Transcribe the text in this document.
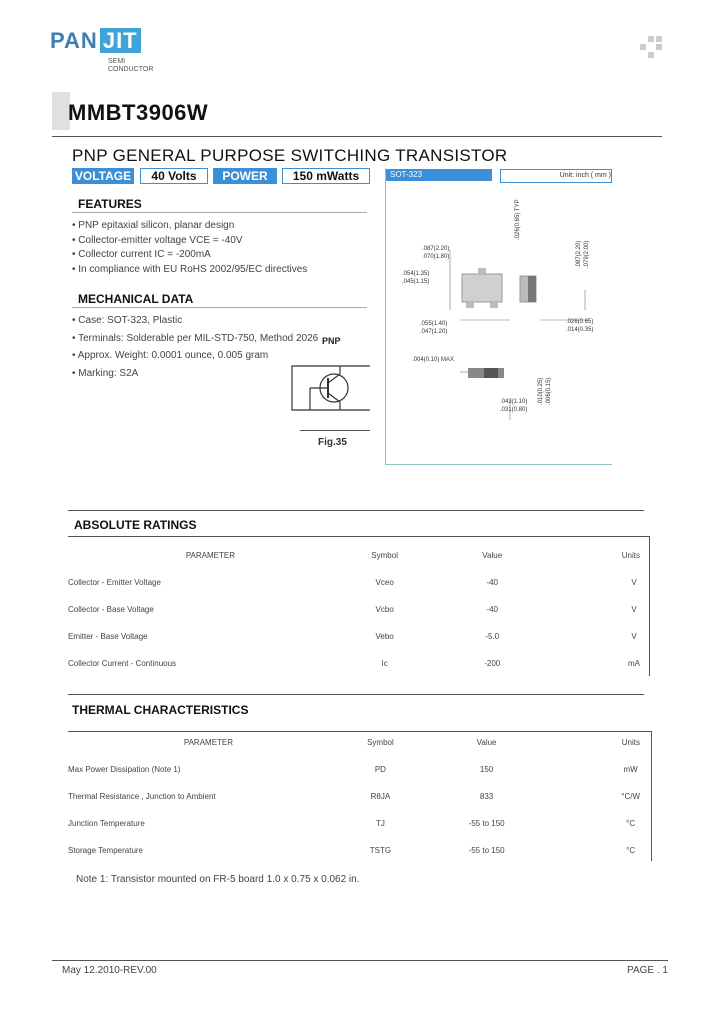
PAN JIT
SEMI
CONDUCTOR
MMBT3906W
PNP GENERAL PURPOSE SWITCHING TRANSISTOR
VOLTAGE	40 Volts	POWER	150 mWatts
FEATURES
• PNP epitaxial silicon, planar design
• Collector-emitter voltage VCE = -40V
• Collector current IC = -200mA
• In compliance with EU RoHS 2002/95/EC directives
MECHANICAL DATA
• Case: SOT-323, Plastic
• Terminals: Solderable per MIL-STD-750, Method 2026
• Approx. Weight: 0.0001 ounce, 0.005 gram
• Marking: S2A
PNP
Fig.35
SOT-323	Unit: inch ( mm )
.087(2.20)
.070(1.80)
.054(1.35)
.045(1.15)
.055(1.40)
.047(1.20)
.026(0.65)
.014(0.35)
.004(0.10) MAX
.043(1.10)
.031(0.80)
.026(0.65) TYP
.087(2.20) .079(2.00)
.010(0.25) .006(0.15)
ABSOLUTE RATINGS
PARAMETER	Symbol	Value	Units
Collector - Emitter Voltage	Vceo	-40	V
Collector - Base Voltage	Vcbo	-40	V
Emitter - Base Voltage	Vebo	-5.0	V
Collector Current - Continuous	Ic	-200	mA
THERMAL CHARACTERISTICS
PARAMETER	Symbol	Value	Units
Max Power Dissipation (Note 1)	PD	150	mW
Thermal Resistance , Junction to Ambient	RθJA	833	°C/W
Junction Temperature	TJ	-55 to 150	°C
Storage Temperature	TSTG	-55 to 150	°C
Note 1: Transistor mounted on FR-5 board 1.0 x 0.75 x 0.062 in.
May 12.2010-REV.00	PAGE . 1
